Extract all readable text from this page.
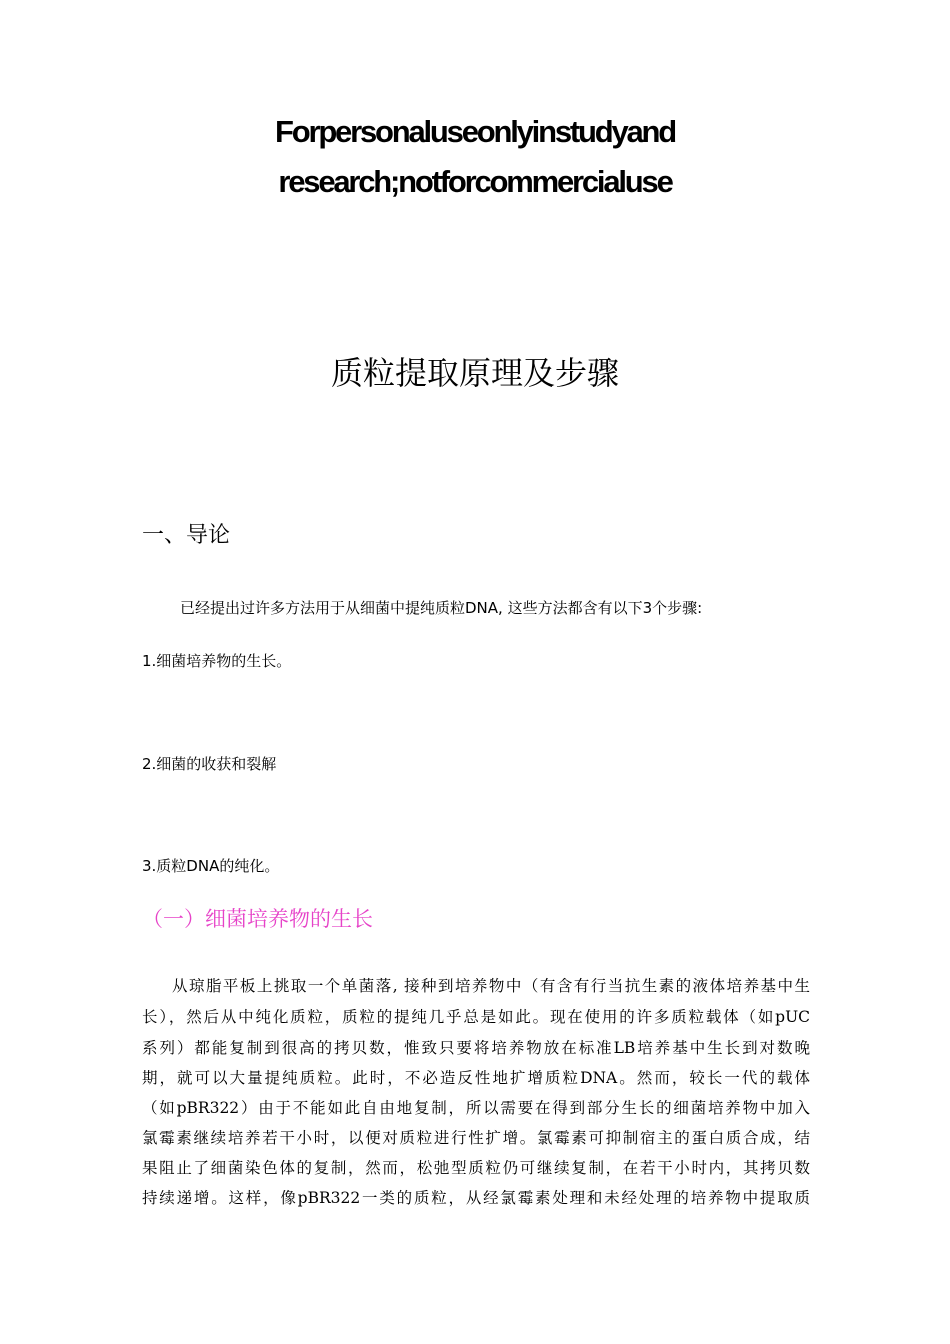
Forpersonaluseonlyinstudyand
research;notforcommercialuse
质粒提取原理及步骤
一、导论
已经提出过许多方法用于从细菌中提纯质粒DNA, 这些方法都含有以下3个步骤:
1.细菌培养物的生长。
2.细菌的收获和裂解
3.质粒DNA的纯化。
（一）细菌培养物的生长
从琼脂平板上挑取一个单菌落, 接种到培养物中（有含有行当抗生素的液体培养基中生
长），然后从中纯化质粒，质粒的提纯几乎总是如此。现在使用的许多质粒载体（如pUC
系列）都能复制到很高的拷贝数，惟致只要将培养物放在标准LB培养基中生长到对数晚
期，就可以大量提纯质粒。此时，不必造反性地扩增质粒DNA。然而，较长一代的载体
（如pBR322）由于不能如此自由地复制，所以需要在得到部分生长的细菌培养物中加入
氯霉素继续培养若干小时，以便对质粒进行性扩增。氯霉素可抑制宿主的蛋白质合成，结
果阻止了细菌染色体的复制，然而，松弛型质粒仍可继续复制，在若干小时内，其拷贝数
持续递增。这样，像pBR322一类的质粒，从经氯霉素处理和未经处理的培养物中提取质
